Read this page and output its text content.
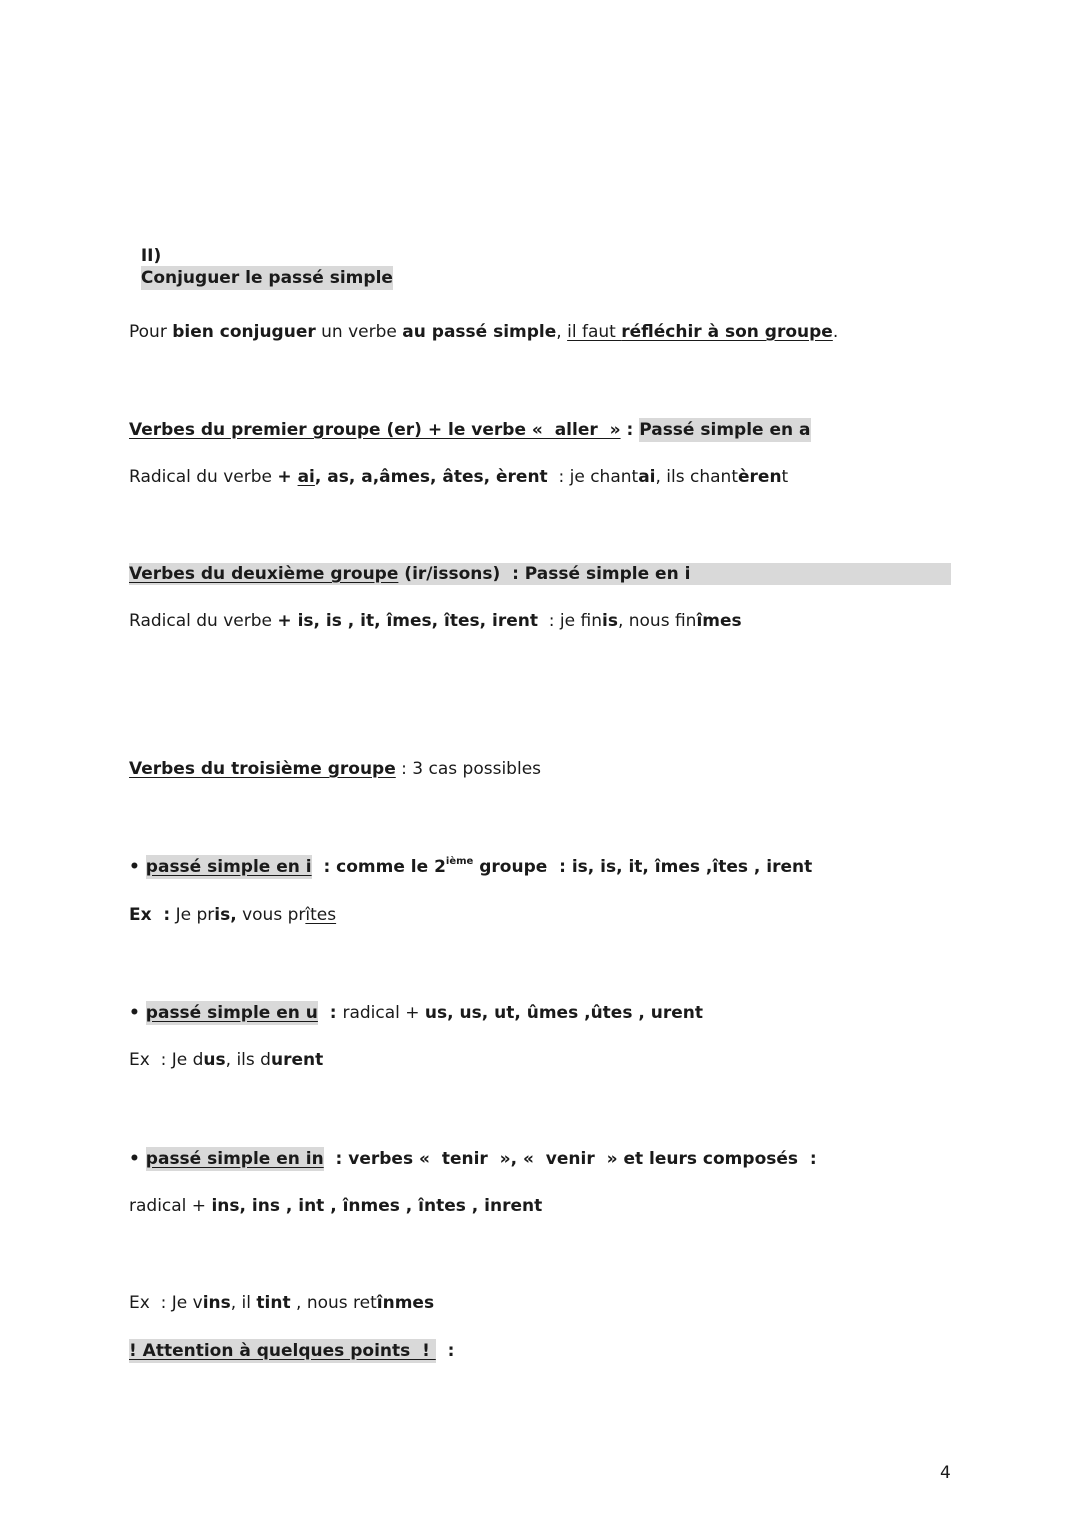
II)
Conjuguer le passé simple

Pour bien conjuguer un verbe au passé simple, il faut réfléchir à son groupe.
Verbes du premier groupe (er) + le verbe «  aller  » : Passé simple en a
Radical du verbe + ai, as, a,âmes, âtes, èrent  : je chantai, ils chantèrent
Verbes du deuxième groupe (ir/issons)  : Passé simple en i
Radical du verbe + is, is , it, îmes, îtes, irent  : je finis, nous finîmes
Verbes du troisième groupe : 3 cas possibles
• passé simple en i  : comme le 2ième groupe  : is, is, it, îmes ,îtes , irent
Ex  : Je pris, vous prîtes
• passé simple en u  : radical + us, us, ut, ûmes ,ûtes , urent
Ex  : Je dus, ils durent
• passé simple en in  : verbes «  tenir  », «  venir  » et leurs composés  :
radical + ins, ins , int , înmes , întes , inrent
Ex  : Je vins, il tint , nous retînmes
! Attention à quelques points  !   :
4
